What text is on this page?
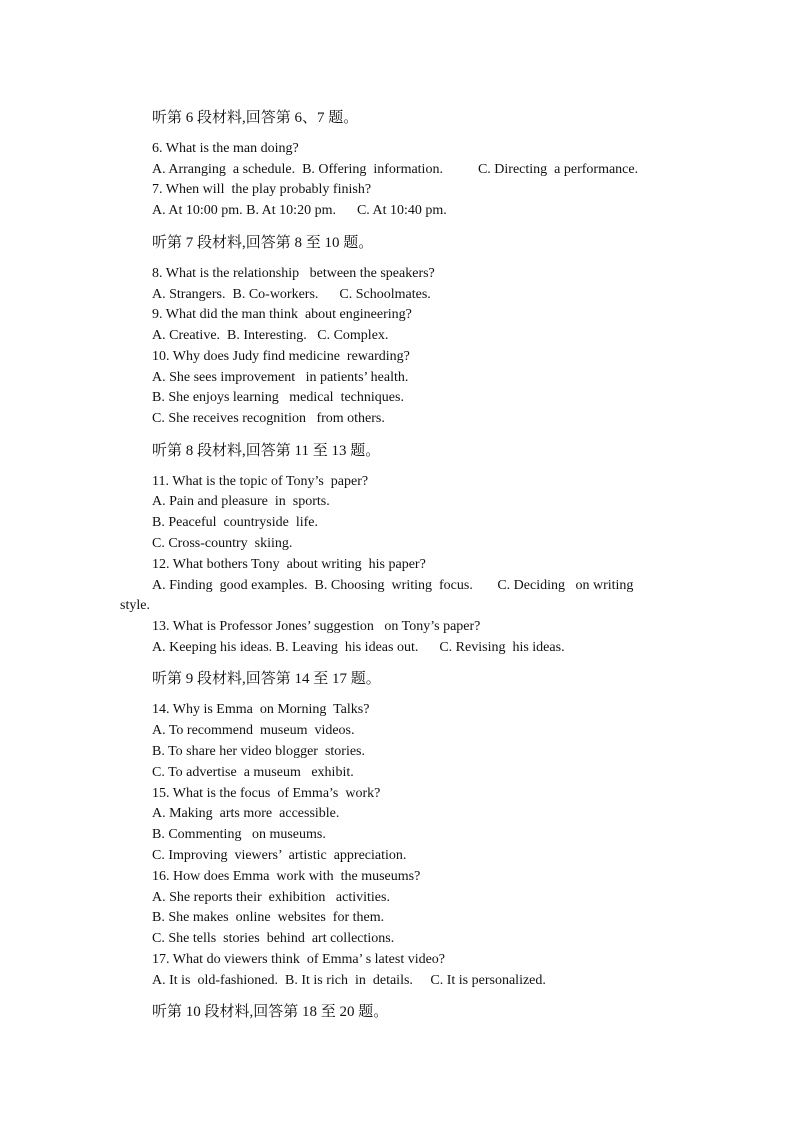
听第 6 段材料,回答第 6、7 题。
6. What is the man doing?
A. Arranging  a schedule.  B. Offering  information.          C. Directing  a performance.
7. When will  the play probably finish?
A. At 10:00 pm. B. At 10:20 pm.      C. At 10:40 pm.
听第 7 段材料,回答第 8 至 10 题。
8. What is the relationship   between the speakers?
A. Strangers.  B. Co-workers.      C. Schoolmates.
9. What did the man think  about engineering?
A. Creative.  B. Interesting.   C. Complex.
10. Why does Judy find medicine  rewarding?
A. She sees improvement   in patients’ health.
B. She enjoys learning   medical  techniques.
C. She receives recognition   from others.
听第 8 段材料,回答第 11 至 13 题。
11. What is the topic of Tony’s  paper?
A. Pain and pleasure  in  sports.
B. Peaceful  countryside  life.
C. Cross-country  skiing.
12. What bothers Tony  about writing  his paper?
A. Finding  good examples.  B. Choosing  writing  focus.       C. Deciding   on writing
style.
13. What is Professor Jones’ suggestion   on Tony’s paper?
A. Keeping his ideas. B. Leaving  his ideas out.      C. Revising  his ideas.
听第 9 段材料,回答第 14 至 17 题。
14. Why is Emma  on Morning  Talks?
A. To recommend  museum  videos.
B. To share her video blogger  stories.
C. To advertise  a museum   exhibit.
15. What is the focus  of Emma’s  work?
A. Making  arts more  accessible.
B. Commenting   on museums.
C. Improving  viewers’  artistic  appreciation.
16. How does Emma  work with  the museums?
A. She reports their  exhibition   activities.
B. She makes  online  websites  for them.
C. She tells  stories  behind  art collections.
17. What do viewers think  of Emma’ s latest video?
A. It is  old-fashioned.  B. It is rich  in  details.     C. It is personalized.
听第 10 段材料,回答第 18 至 20 题。
